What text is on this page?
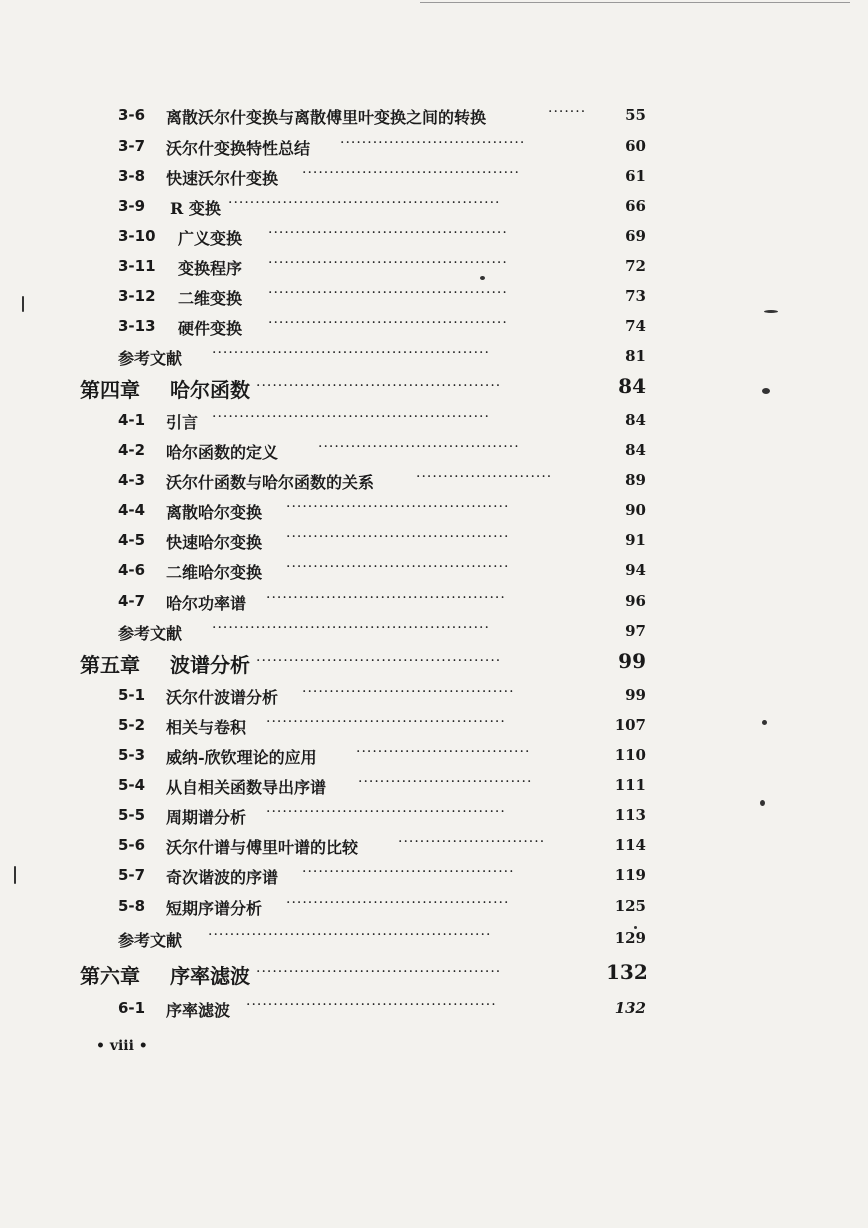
3-6 离散沃尔什变换与离散傅里叶变换之间的转换	·······	55
3-7 沃尔什变换特性总结 ··································	60
3-8 快速沃尔什变换 ········································	61
3-9 R 变换 ··················································	66
3-10 广义变换 ············································	69
3-11 变换程序 ············································	72
3-12 二维变换 ············································	73
3-13 硬件变换 ············································	74
参考文献 ···················································	81
第四章 哈尔函数 ·············································	84
4-1 引言 ···················································	84
4-2 哈尔函数的定义	·····································	84
4-3 沃尔什函数与哈尔函数的关系	·························	89
4-4 离散哈尔变换 ·········································	90
4-5 快速哈尔变换 ·········································	91
4-6 二维哈尔变换 ·········································	94
4-7 哈尔功率谱 ············································	96
参考文献 ···················································	97
第五章 波谱分析 ·············································	99
5-1 沃尔什波谱分析 ·······································	99
5-2 相关与卷积 ············································	107
5-3 威纳-欣钦理论的应用	································	110
5-4 从自相关函数导出序谱 ································	111
5-5 周期谱分析 ············································	113
5-6 沃尔什谱与傅里叶谱的比较	···························	114
5-7 奇次谐波的序谱 ·······································	119
5-8 短期序谱分析 ·········································	125
参考文献 ····················································	129
第六章 序率滤波 ·············································	132
6-1 序率滤波 ··············································	132
• viii •
